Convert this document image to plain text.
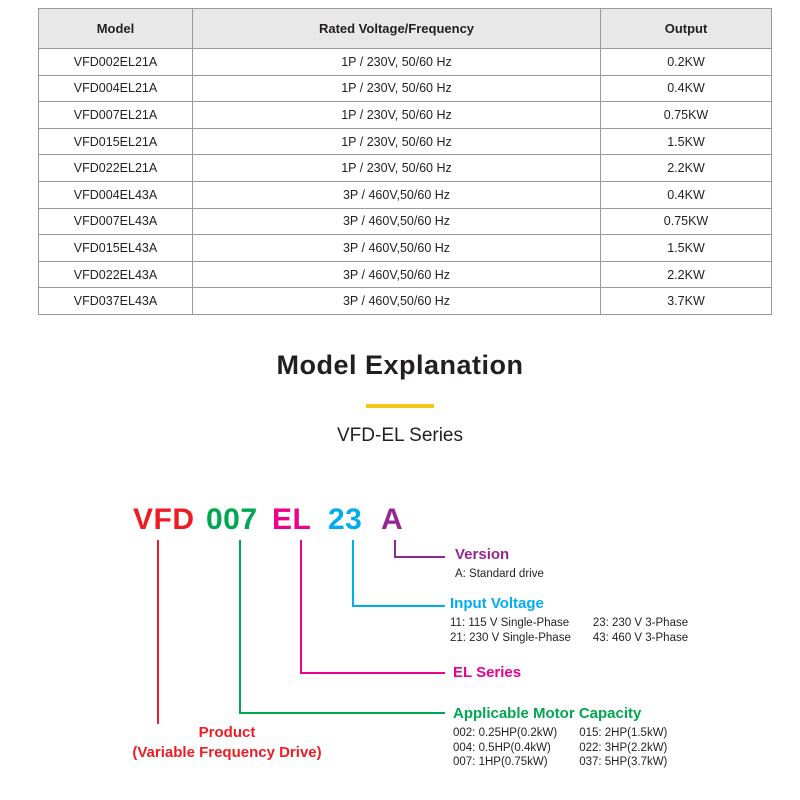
Model	Rated Voltage/Frequency	Output
VFD002EL21A	1P / 230V, 50/60 Hz	0.2KW
VFD004EL21A	1P / 230V, 50/60 Hz	0.4KW
VFD007EL21A	1P / 230V, 50/60 Hz	0.75KW
VFD015EL21A	1P / 230V, 50/60 Hz	1.5KW
VFD022EL21A	1P / 230V, 50/60 Hz	2.2KW
VFD004EL43A	3P / 460V,50/60 Hz	0.4KW
VFD007EL43A	3P / 460V,50/60 Hz	0.75KW
VFD015EL43A	3P / 460V,50/60 Hz	1.5KW
VFD022EL43A	3P / 460V,50/60 Hz	2.2KW
VFD037EL43A	3P / 460V,50/60 Hz	3.7KW
Model Explanation
VFD-EL Series
VFD 007 EL 23 A
Version
A: Standard drive
Input Voltage
11: 115 V Single-Phase
21: 230 V Single-Phase
23: 230 V 3-Phase
43: 460 V 3-Phase
EL Series
Applicable Motor Capacity
002: 0.25HP(0.2kW)
004: 0.5HP(0.4kW)
007: 1HP(0.75kW)
015: 2HP(1.5kW)
022: 3HP(2.2kW)
037: 5HP(3.7kW)
Product
(Variable Frequency Drive)
